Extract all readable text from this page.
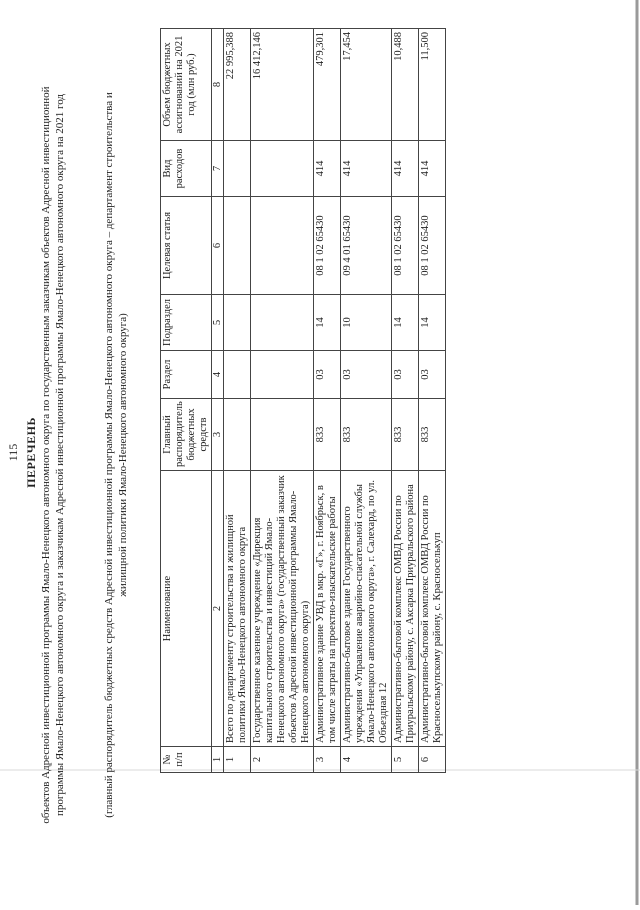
115 ПЕРЕЧЕНЬ объектов Адресной инвестиционной программы Ямало-Ненецкого автономного округа по государственным заказчикам объектов Адресной инвестиционной программы Ямало-Ненецкого автономного округа и заказчикам Адресной инвестиционной программы Ямало-Ненецкого автономного округа на 2021 год	(главный распорядитель бюджетных средств Адресной инвестиционной программы Ямало-Ненецкого автономного округа – департамент строительства и жилищной политики Ямало-Ненецкого автономного округа)
№ п/п	Наименование	Главный распорядитель бюджетных средств	Раздел	Подраздел	Целевая статья	Вид расходов	Объем бюджетных ассигнований на 2021 год (млн руб.)
1	2	3	4	5	6	7	8
1	Всего по департаменту строительства и жилищной политики Ямало-Ненецкого автономного округа						22 995,388
2	Государственное казенное учреждение «Дирекция капитального строительства и инвестиций Ямало-Ненецкого автономного округа» (государственный заказчик объектов Адресной инвестиционной программы Ямало-Ненецкого автономного округа)						16 412,146
3	Административное здание УВД в мкр. «Г», г. Ноябрьск, в том числе затраты на проектно-изыскательские работы	833	03	14	08 1 02 65430	414	479,301
4	Административно-бытовое здание Государственного учреждения «Управление аварийно-спасательной службы Ямало-Ненецкого автономного округа», г. Салехард, по ул. Объездная 12	833	03	10	09 4 01 65430	414	17,454
5	Административно-бытовой комплекс ОМВД России по Приуральскому району, с. Аксарка Приуральского района	833	03	14	08 1 02 65430	414	10,488
6	Административно-бытовой комплекс ОМВД России по Красноселькупскому району, с. Красноселькуп	833	03	14	08 1 02 65430	414	11,500
